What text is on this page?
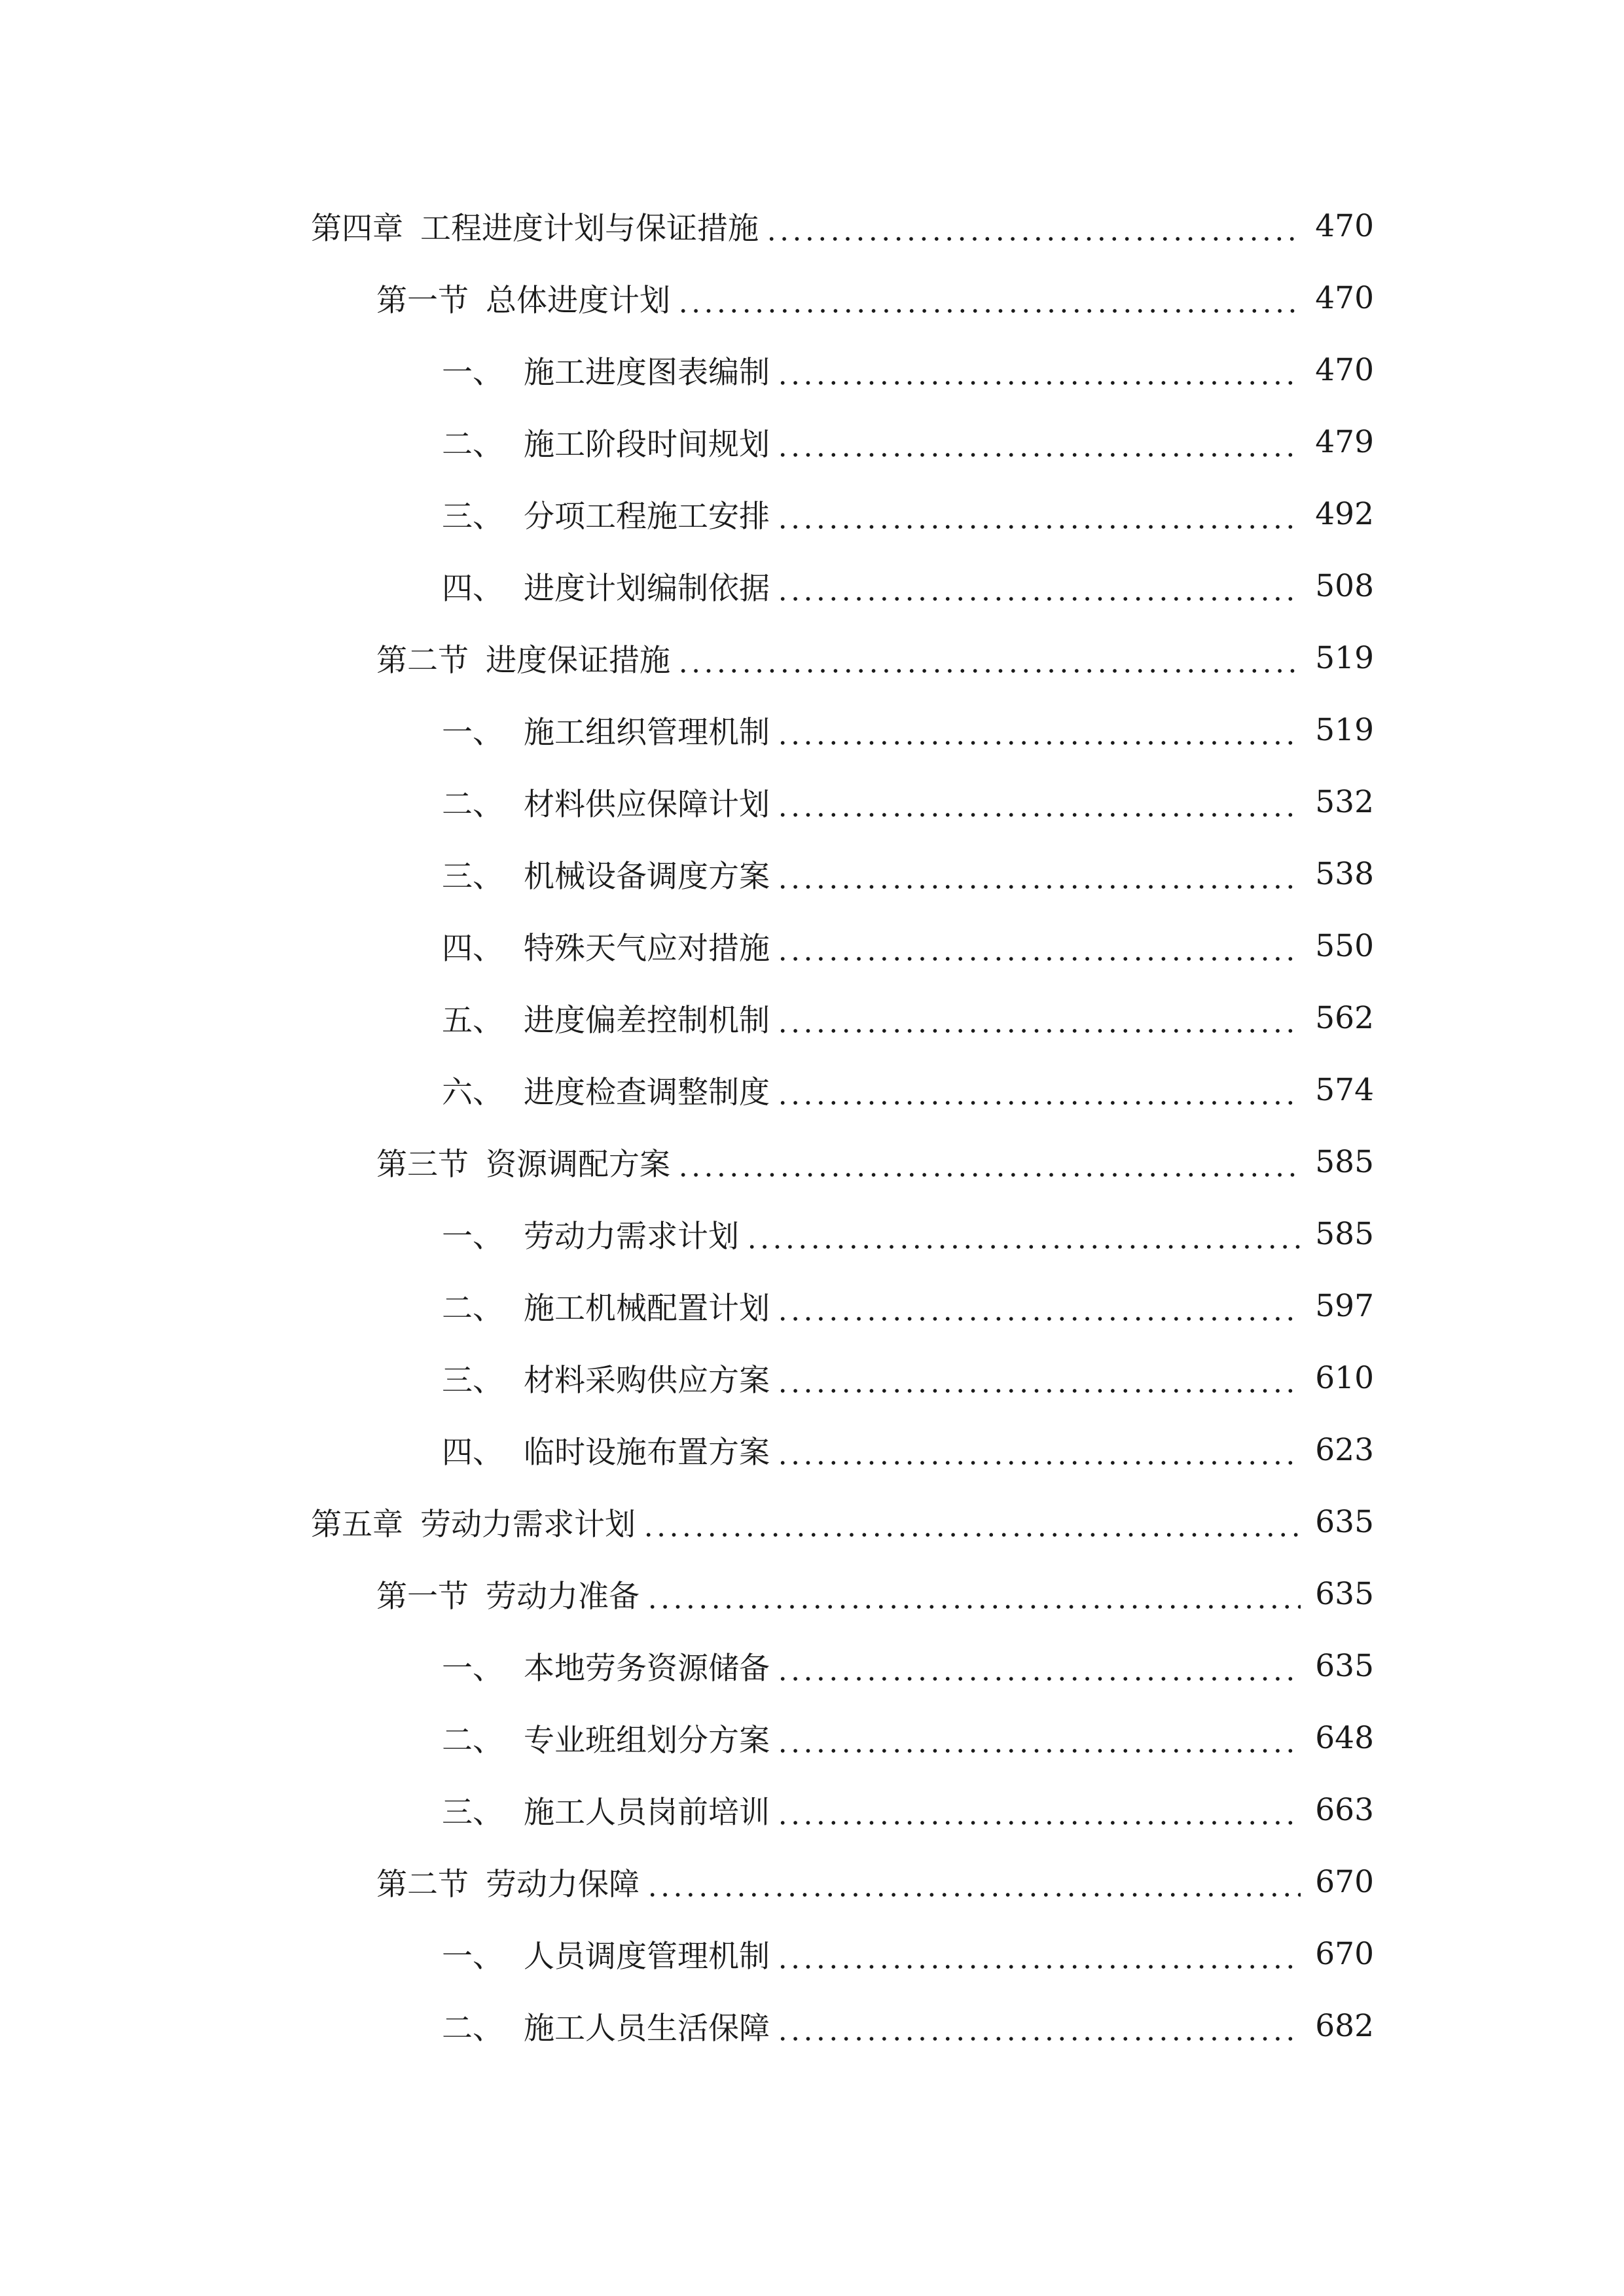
第四章 工程进度计划与保证措施	470
第一节 总体进度计划	470
一、 施工进度图表编制	470
二、 施工阶段时间规划	479
三、 分项工程施工安排	492
四、 进度计划编制依据	508
第二节 进度保证措施	519
一、 施工组织管理机制	519
二、 材料供应保障计划	532
三、 机械设备调度方案	538
四、 特殊天气应对措施	550
五、 进度偏差控制机制	562
六、 进度检查调整制度	574
第三节 资源调配方案	585
一、 劳动力需求计划	585
二、 施工机械配置计划	597
三、 材料采购供应方案	610
四、 临时设施布置方案	623
第五章 劳动力需求计划	635
第一节 劳动力准备	635
一、 本地劳务资源储备	635
二、 专业班组划分方案	648
三、 施工人员岗前培训	663
第二节 劳动力保障	670
一、 人员调度管理机制	670
二、 施工人员生活保障	682
